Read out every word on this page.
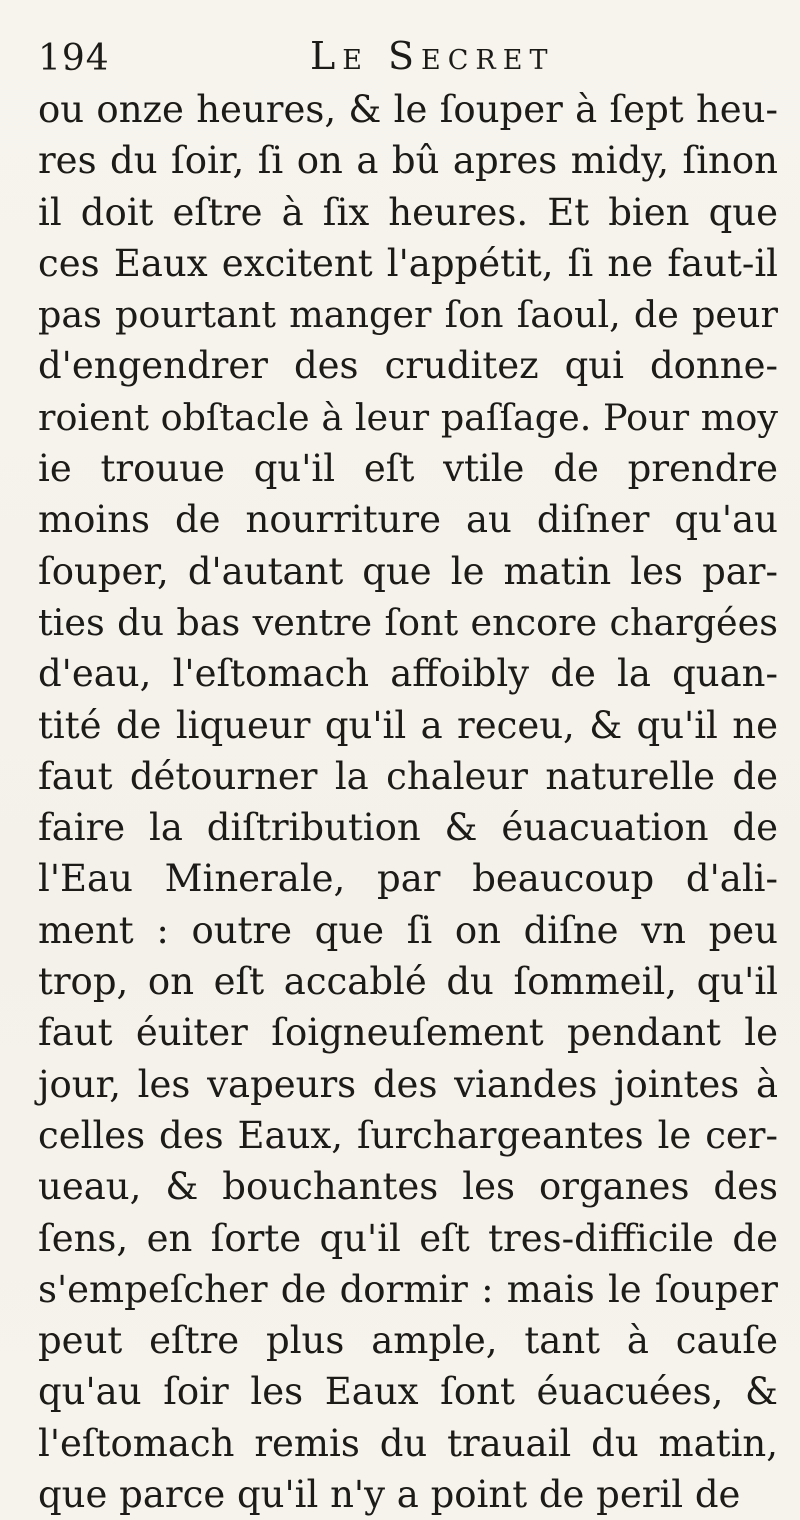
194	Le Secret
ou onze heures, & le ſouper à ſept heu-
res du ſoir, ſi on a bû apres midy, ſinon
il doit eſtre à ſix heures. Et bien que
ces Eaux excitent l'appétit, ſi ne faut-il
pas pourtant manger ſon ſaoul, de peur
d'engendrer des cruditez qui donne-
roient obſtacle à leur paſſage. Pour moy
ie trouue qu'il eſt vtile de prendre
moins de nourriture au diſner qu'au
ſouper, d'autant que le matin les par-
ties du bas ventre ſont encore chargées
d'eau, l'eſtomach affoibly de la quan-
tité de liqueur qu'il a receu, & qu'il ne
faut détourner la chaleur naturelle de
faire la diſtribution & éuacuation de
l'Eau Minerale, par beaucoup d'ali-
ment : outre que ſi on diſne vn peu
trop, on eſt accablé du ſommeil, qu'il
faut éuiter ſoigneuſement pendant le
jour, les vapeurs des viandes jointes à
celles des Eaux, ſurchargeantes le cer-
ueau, & bouchantes les organes des
ſens, en ſorte qu'il eſt tres-difficile de
s'empeſcher de dormir : mais le ſouper
peut eſtre plus ample, tant à cauſe
qu'au ſoir les Eaux ſont éuacuées, &
l'eſtomach remis du trauail du matin,
que parce qu'il n'y a point de peril de
